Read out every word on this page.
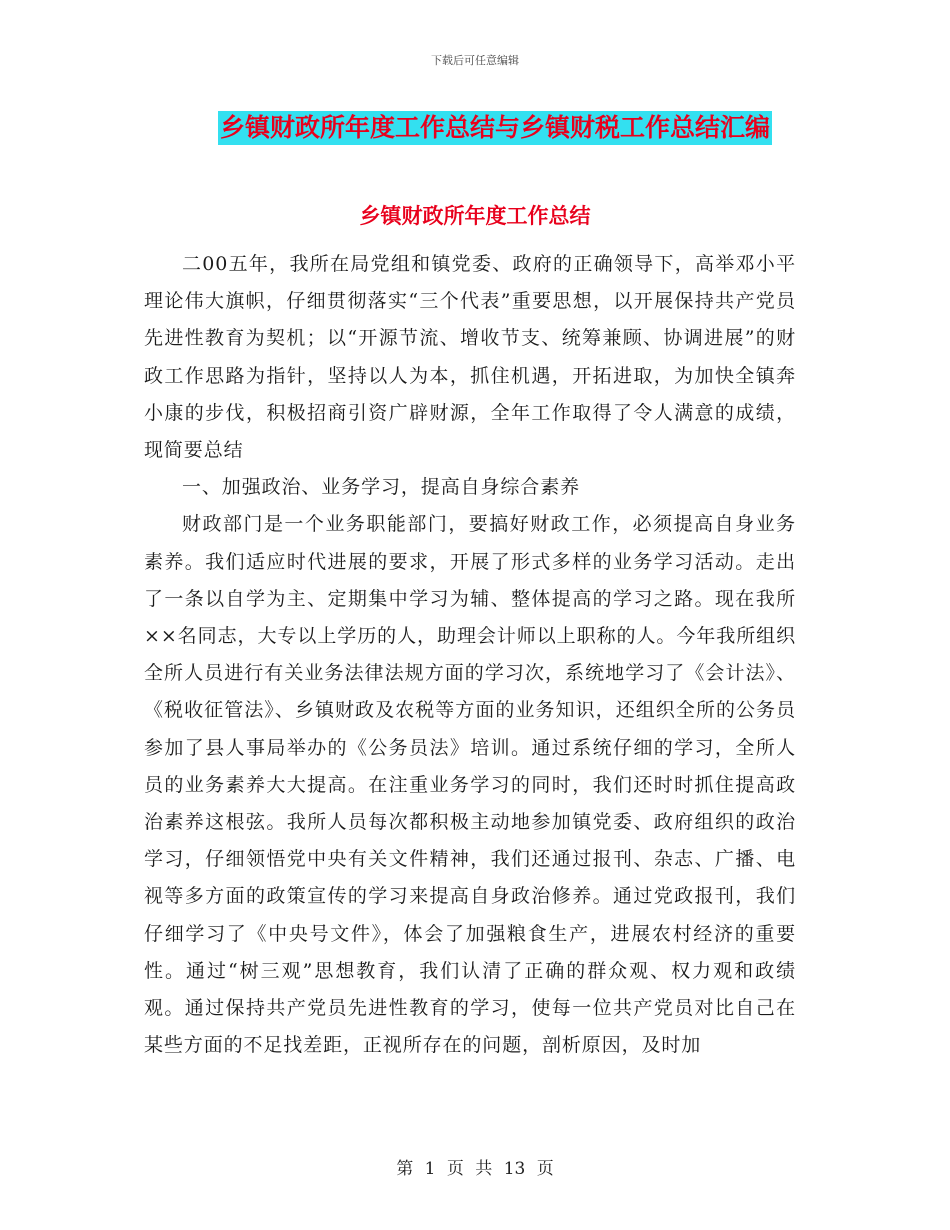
下载后可任意编辑
乡镇财政所年度工作总结与乡镇财税工作总结汇编
乡镇财政所年度工作总结

二00五年，我所在局党组和镇党委、政府的正确领导下，高举邓小平理论伟大旗帜，仔细贯彻落实“三个代表”重要思想，以开展保持共产党员先进性教育为契机；以“开源节流、增收节支、统筹兼顾、协调进展”的财政工作思路为指针，坚持以人为本，抓住机遇，开拓进取，为加快全镇奔小康的步伐，积极招商引资广辟财源，全年工作取得了令人满意的成绩，现简要总结

一、加强政治、业务学习，提高自身综合素养

财政部门是一个业务职能部门，要搞好财政工作，必须提高自身业务素养。我们适应时代进展的要求，开展了形式多样的业务学习活动。走出了一条以自学为主、定期集中学习为辅、整体提高的学习之路。现在我所××名同志，大专以上学历的人，助理会计师以上职称的人。今年我所组织全所人员进行有关业务法律法规方面的学习次，系统地学习了《会计法》、《税收征管法》、乡镇财政及农税等方面的业务知识，还组织全所的公务员参加了县人事局举办的《公务员法》培训。通过系统仔细的学习，全所人员的业务素养大大提高。在注重业务学习的同时，我们还时时抓住提高政治素养这根弦。我所人员每次都积极主动地参加镇党委、政府组织的政治学习，仔细领悟党中央有关文件精神，我们还通过报刊、杂志、广播、电视等多方面的政策宣传的学习来提高自身政治修养。通过党政报刊，我们仔细学习了《中央号文件》，体会了加强粮食生产，进展农村经济的重要性。通过“树三观”思想教育，我们认清了正确的群众观、权力观和政绩观。通过保持共产党员先进性教育的学习，使每一位共产党员对比自己在某些方面的不足找差距，正视所存在的问题，剖析原因，及时加

第 1 页 共 13 页
